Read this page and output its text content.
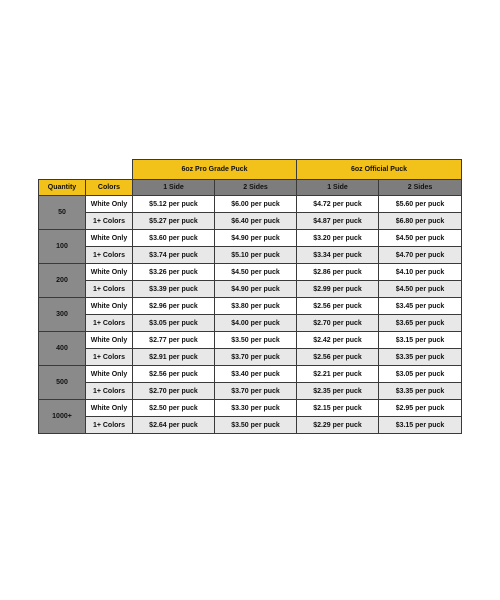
		6oz Pro Grade Puck		6oz Official Puck	
Quantity	Colors	1 Side	2 Sides	1 Side	2 Sides
50	White Only	$5.12 per puck	$6.00 per puck	$4.72 per puck	$5.60 per puck
	1+ Colors	$5.27 per puck	$6.40 per puck	$4.87 per puck	$6.80 per puck
100	White Only	$3.60 per puck	$4.90 per puck	$3.20 per puck	$4.50 per puck
	1+ Colors	$3.74 per puck	$5.10 per puck	$3.34 per puck	$4.70 per puck
200	White Only	$3.26 per puck	$4.50 per puck	$2.86 per puck	$4.10 per puck
	1+ Colors	$3.39 per puck	$4.90 per puck	$2.99 per puck	$4.50 per puck
300	White Only	$2.96 per puck	$3.80 per puck	$2.56 per puck	$3.45 per puck
	1+ Colors	$3.05 per puck	$4.00 per puck	$2.70 per puck	$3.65 per puck
400	White Only	$2.77 per puck	$3.50 per puck	$2.42 per puck	$3.15 per puck
	1+ Colors	$2.91 per puck	$3.70 per puck	$2.56 per puck	$3.35 per puck
500	White Only	$2.56 per puck	$3.40 per puck	$2.21 per puck	$3.05 per puck
	1+ Colors	$2.70 per puck	$3.70 per puck	$2.35 per puck	$3.35 per puck
1000+	White Only	$2.50 per puck	$3.30 per puck	$2.15 per puck	$2.95 per puck
	1+ Colors	$2.64 per puck	$3.50 per puck	$2.29 per puck	$3.15 per puck
